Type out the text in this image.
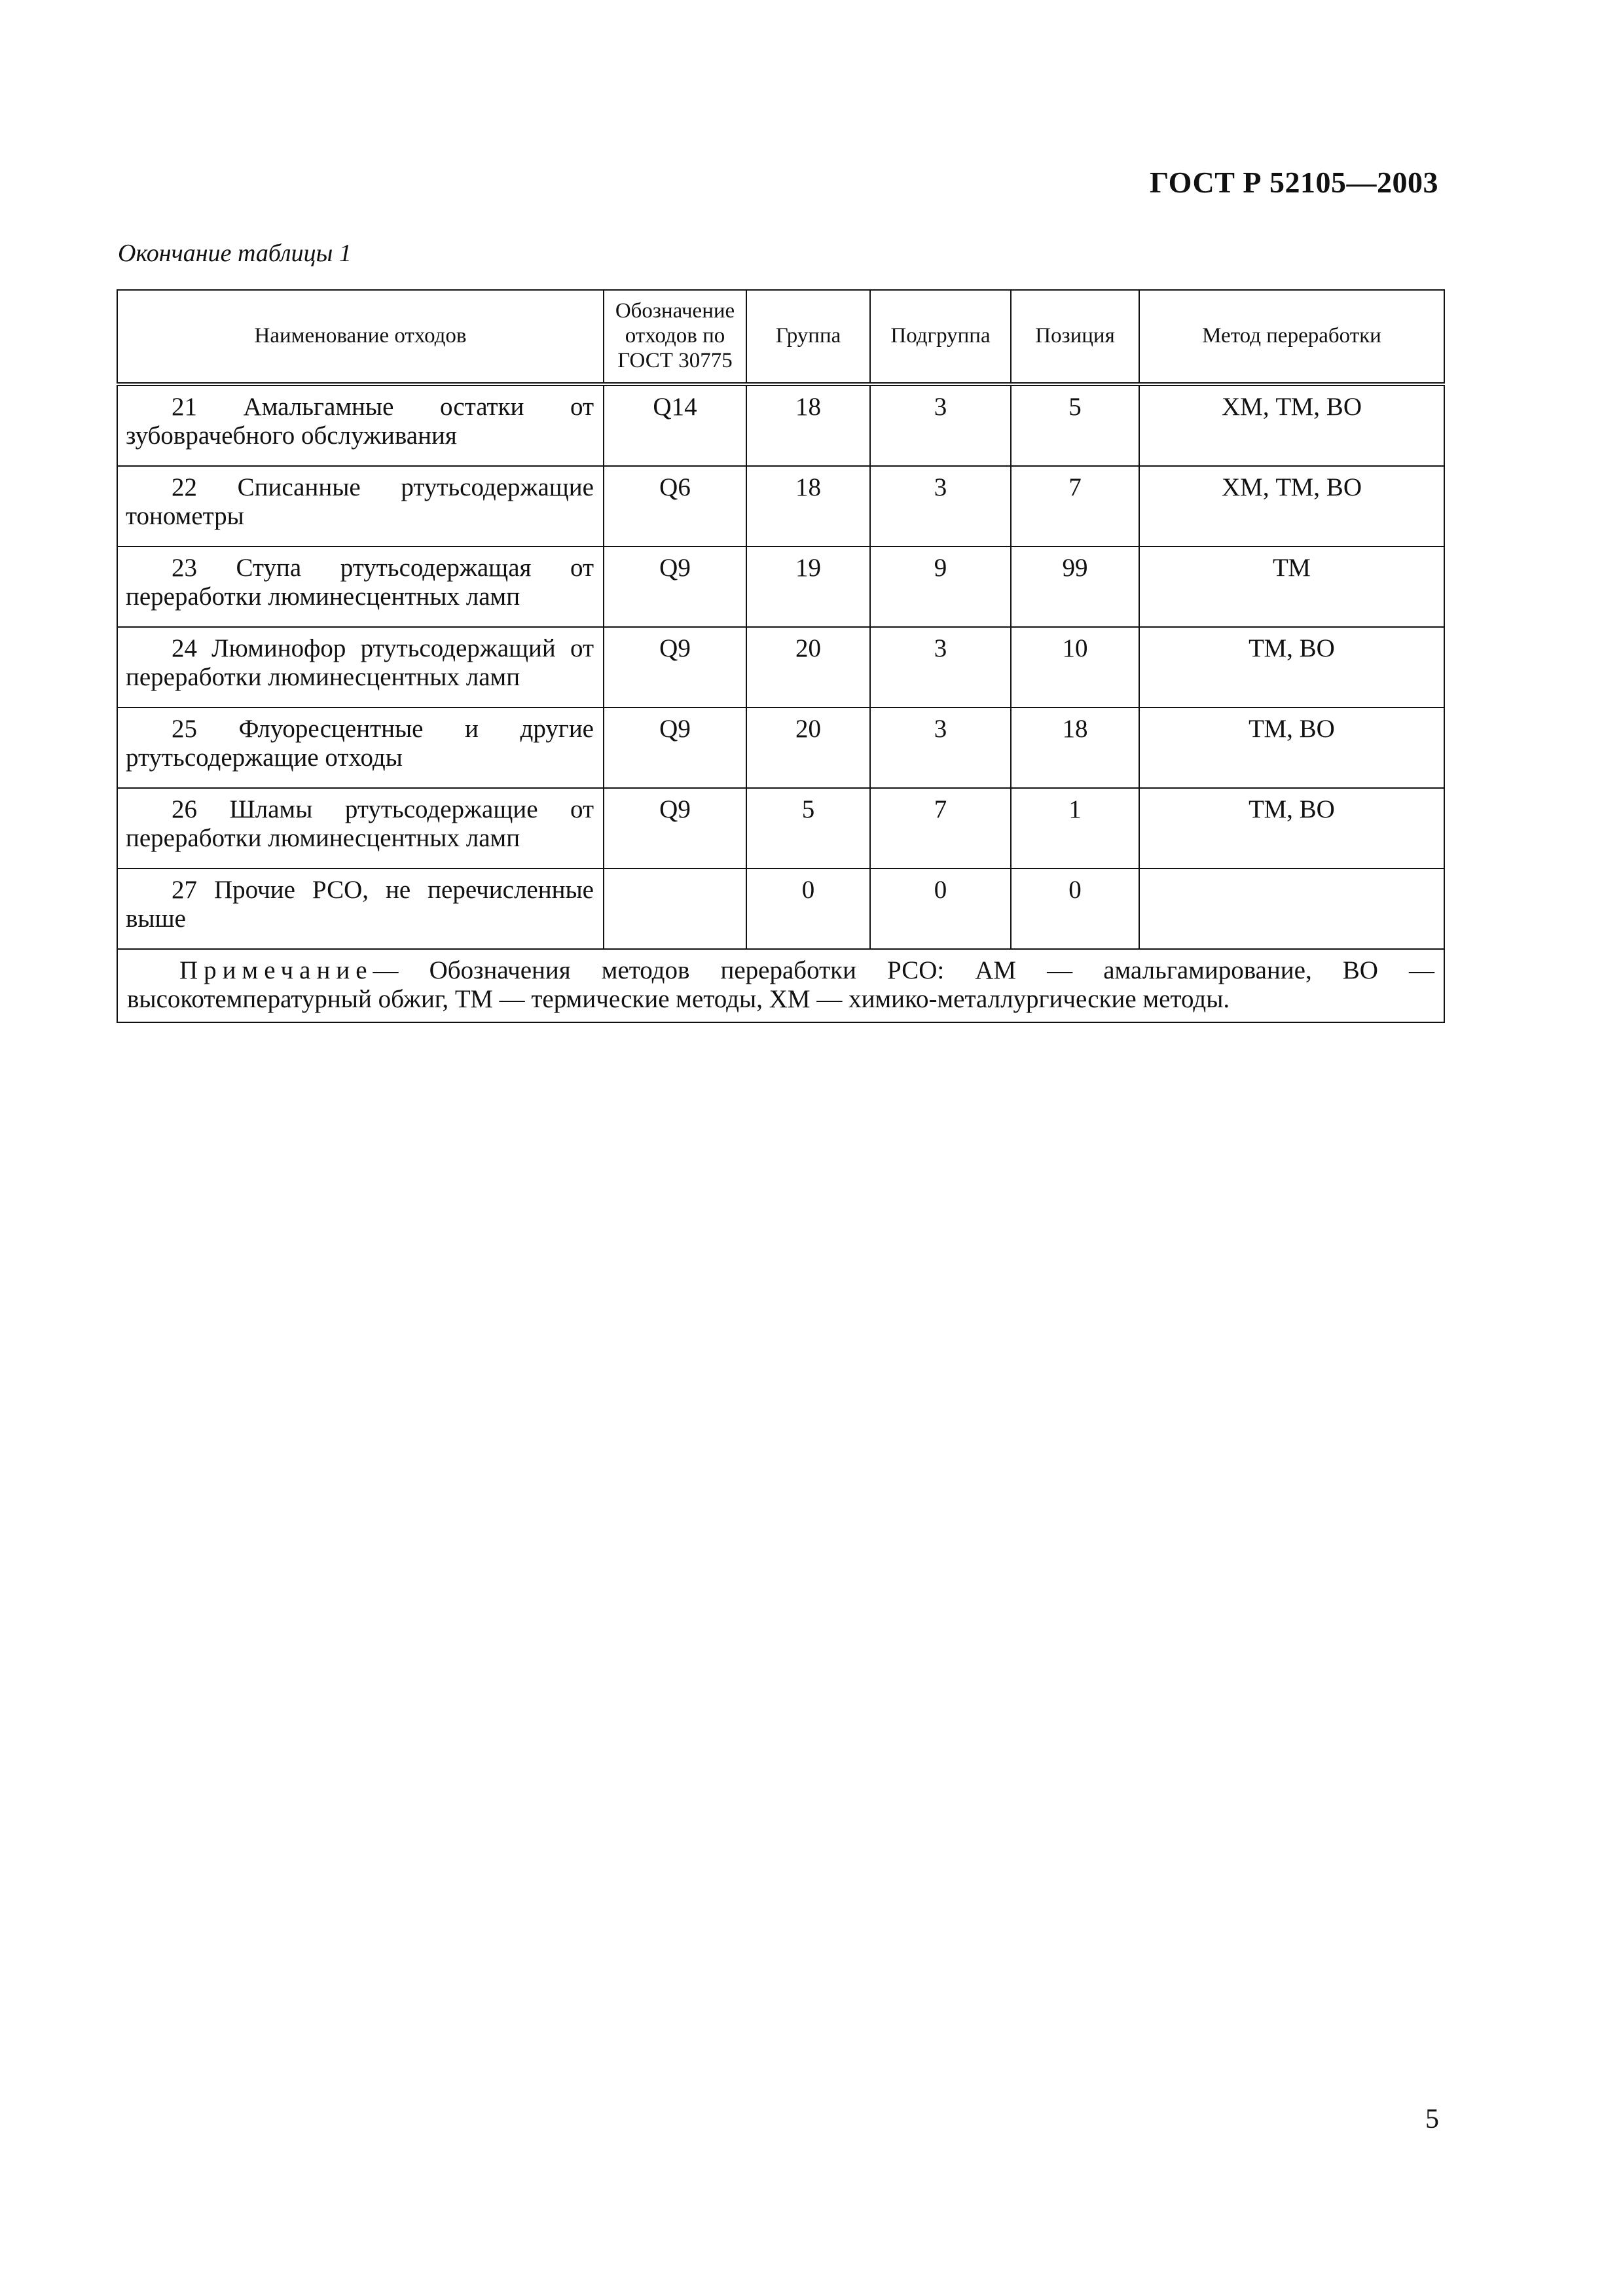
ГОСТ Р 52105—2003
Окончание таблицы 1
Наименование отходов	Обозначение отходов по ГОСТ 30775	Группа	Подгруппа	Позиция	Метод переработки
21 Амальгамные остатки от зубоврачебного обслуживания	Q14	18	3	5	ХМ, ТМ, ВО
22 Списанные ртутьсодержащие тонометры	Q6	18	3	7	ХМ, ТМ, ВО
23 Ступа ртутьсодержащая от переработки люминесцентных ламп	Q9	19	9	99	ТМ
24 Люминофор ртутьсодержащий от переработки люминесцентных ламп	Q9	20	3	10	ТМ, ВО
25 Флуоресцентные и другие ртутьсодержащие отходы	Q9	20	3	18	ТМ, ВО
26 Шламы ртутьсодержащие от переработки люминесцентных ламп	Q9	5	7	1	ТМ, ВО
27 Прочие РСО, не перечисленные выше		0	0	0	
Примечание— Обозначения методов переработки РСО: АМ — амальгамирование, ВО — высокотемпературный обжиг, ТМ — термические методы, ХМ — химико-металлургические методы.					
5
